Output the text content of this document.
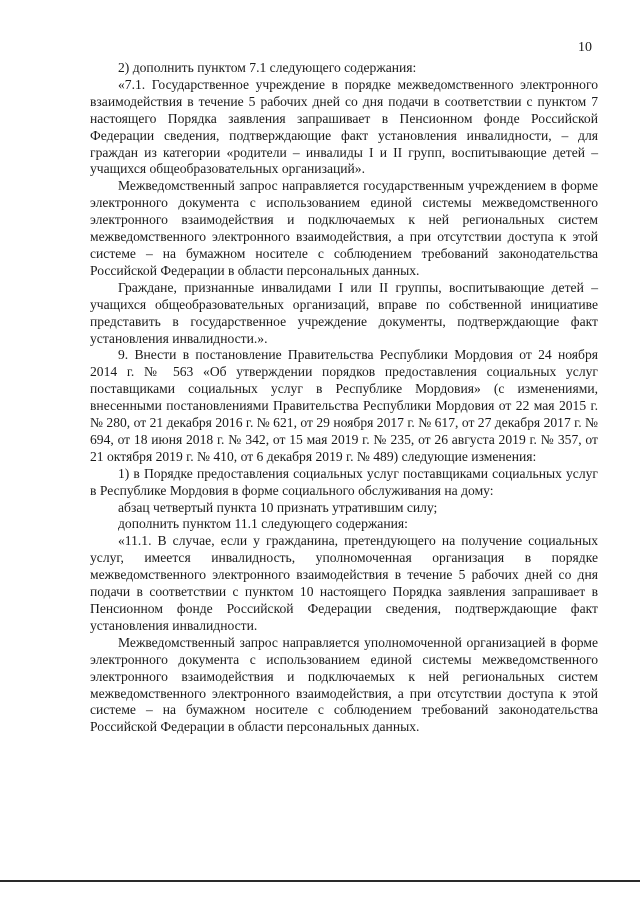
10

2) дополнить пунктом 7.1 следующего содержания:

«7.1. Государственное учреждение в порядке межведомственного электронного взаимодействия в течение 5 рабочих дней со дня подачи в соответствии с пунктом 7 настоящего Порядка заявления запрашивает в Пенсионном фонде Российской Федерации сведения, подтверждающие факт установления инвалидности, – для граждан из категории «родители – инвалиды I и II групп, воспитывающие детей – учащихся общеобразовательных организаций».

Межведомственный запрос направляется государственным учреждением в форме электронного документа с использованием единой системы межведомственного электронного взаимодействия и подключаемых к ней региональных систем межведомственного электронного взаимодействия, а при отсутствии доступа к этой системе – на бумажном носителе с соблюдением требований законодательства Российской Федерации в области персональных данных.

Граждане, признанные инвалидами I или II группы, воспитывающие детей – учащихся общеобразовательных организаций, вправе по собственной инициативе представить в государственное учреждение документы, подтверждающие факт установления инвалидности.».

9. Внести в постановление Правительства Республики Мордовия от 24 ноября 2014 г. № 563 «Об утверждении порядков предоставления социальных услуг поставщиками социальных услуг в Республике Мордовия» (с изменениями, внесенными постановлениями Правительства Республики Мордовия от 22 мая 2015 г. № 280, от 21 декабря 2016 г. № 621, от 29 ноября 2017 г. № 617, от 27 декабря 2017 г. № 694, от 18 июня 2018 г. № 342, от 15 мая 2019 г. № 235, от 26 августа 2019 г. № 357, от 21 октября 2019 г. № 410, от 6 декабря 2019 г. № 489) следующие изменения:

1) в Порядке предоставления социальных услуг поставщиками социальных услуг в Республике Мордовия в форме социального обслуживания на дому:

абзац четвертый пункта 10 признать утратившим силу;

дополнить пунктом 11.1 следующего содержания:

«11.1. В случае, если у гражданина, претендующего на получение социальных услуг, имеется инвалидность, уполномоченная организация в порядке межведомственного электронного взаимодействия в течение 5 рабочих дней со дня подачи в соответствии с пунктом 10 настоящего Порядка заявления запрашивает в Пенсионном фонде Российской Федерации сведения, подтверждающие факт установления инвалидности.

Межведомственный запрос направляется уполномоченной организацией в форме электронного документа с использованием единой системы межведомственного электронного взаимодействия и подключаемых к ней региональных систем межведомственного электронного взаимодействия, а при отсутствии доступа к этой системе – на бумажном носителе с соблюдением требований законодательства Российской Федерации в области персональных данных.
